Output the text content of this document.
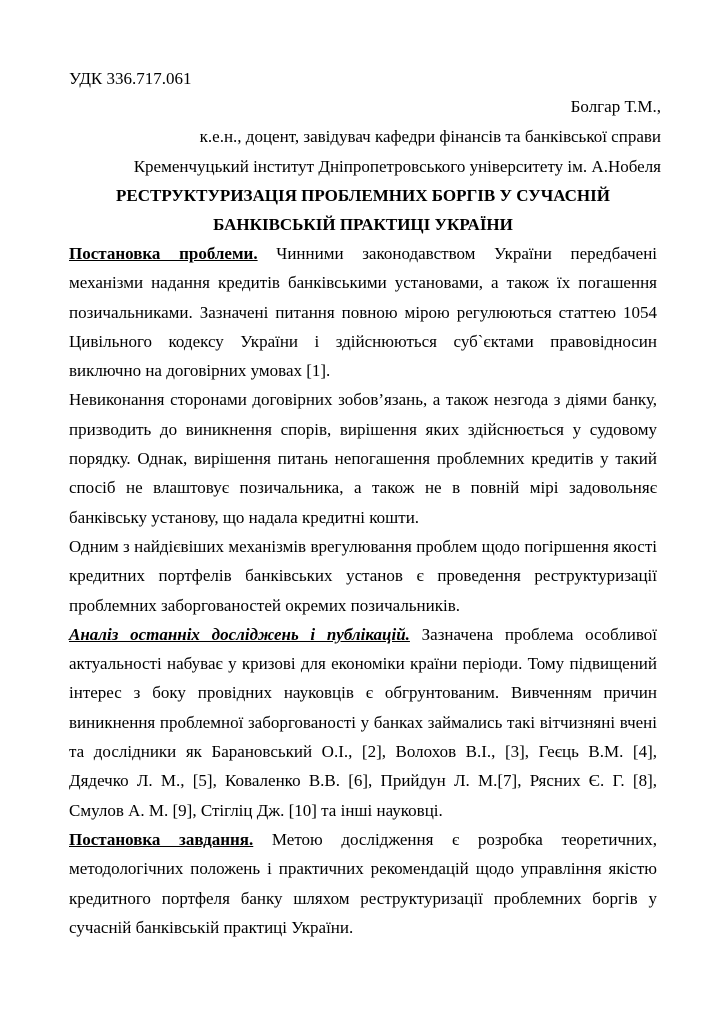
УДК 336.717.061
Болгар Т.М.,
к.е.н., доцент, завідувач кафедри фінансів та банківської справи
Кременчуцький інститут Дніпропетровського університету ім. А.Нобеля
РЕСТРУКТУРИЗАЦІЯ ПРОБЛЕМНИХ БОРГІВ У СУЧАСНІЙ
БАНКІВСЬКІЙ ПРАКТИЦІ УКРАЇНИ

Постановка проблеми. Чинними законодавством України передбачені механізми надання кредитів банківськими установами, а також їх погашення позичальниками. Зазначені питання повною мірою регулюються статтею 1054 Цивільного кодексу України і здійснюються суб`єктами правовідносин виключно на договірних умовах [1].

Невиконання сторонами договірних зобов’язань, а також незгода з діями банку, призводить до виникнення спорів, вирішення яких здійснюється у судовому порядку. Однак, вирішення питань непогашення проблемних кредитів у такий спосіб не влаштовує позичальника, а також не в повній мірі задовольняє банківську установу, що надала кредитні кошти.

Одним з найдієвіших механізмів врегулювання проблем щодо погіршення якості кредитних портфелів банківських установ є проведення реструктуризації проблемних заборгованостей окремих позичальників.

Аналіз останніх досліджень і публікацій. Зазначена проблема особливої актуальності набуває у кризові для економіки країни періоди. Тому підвищений інтерес з боку провідних науковців є обгрунтованим. Вивченням причин виникнення проблемної заборгованості у банках займались такі вітчизняні вчені та дослідники як Барановський О.І., [2], Волохов В.І., [3], Геєць В.М. [4], Дядечко Л. М., [5], Коваленко В.В. [6], Прийдун Л. М.[7], Рясних Є. Г. [8], Смулов А. М. [9], Стігліц Дж. [10] та інші науковці.

Постановка завдання. Метою дослідження є розробка теоретичних, методологічних положень і практичних рекомендацій щодо управління якістю кредитного портфеля банку шляхом реструктуризації проблемних боргів у сучасній банківській практиці України.
